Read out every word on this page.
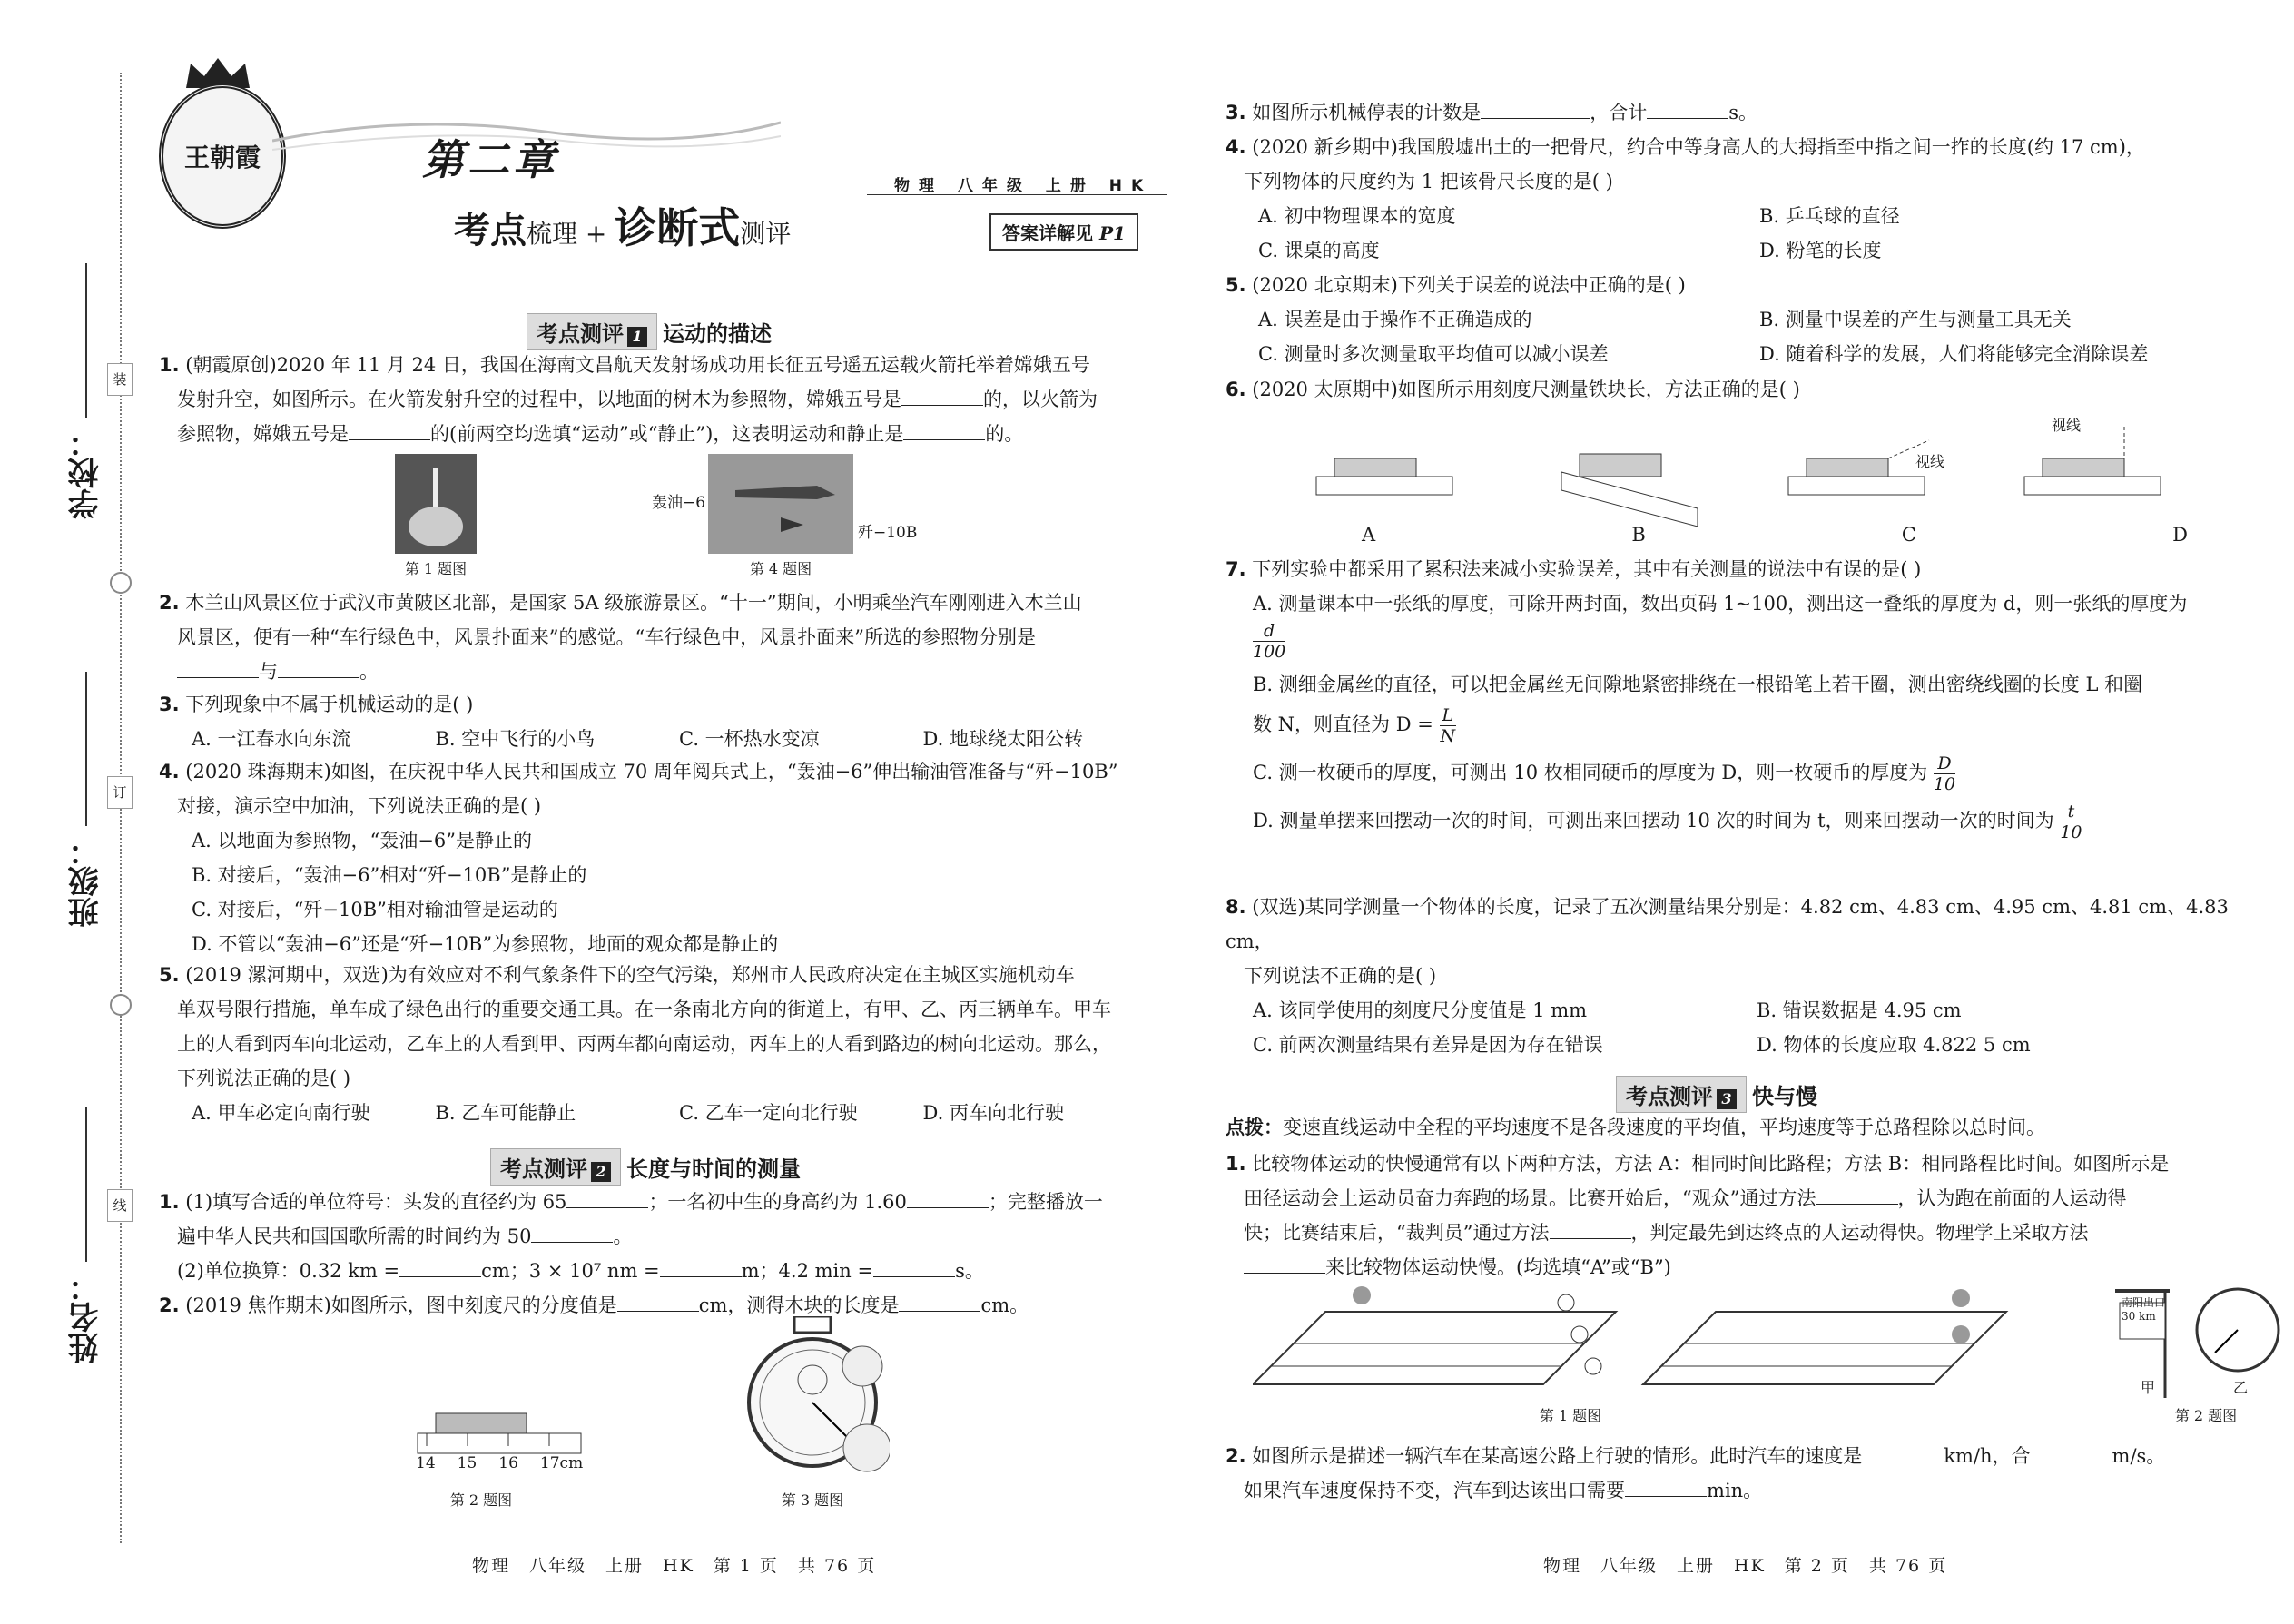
学校：
班级：
姓名：
装
订
线
王朝霞	第二章
考点梳理 + 诊断式测评
物理 八年级 上册 HK
答案详解见 P1
考点测评 1 运动的描述
1. (朝霞原创)2020 年 11 月 24 日，我国在海南文昌航天发射场成功用长征五号遥五运载火箭托举着嫦娥五号
发射升空，如图所示。在火箭发射升空的过程中，以地面的树木为参照物，嫦娥五号是	的，以火箭为
参照物，嫦娥五号是	的(前两空均选填“运动”或“静止”)，这表明运动和静止是	的。
第 1 题图
轰油−6
歼−10B
第 4 题图
2. 木兰山风景区位于武汉市黄陂区北部，是国家 5A 级旅游景区。“十一”期间，小明乘坐汽车刚刚进入木兰山
风景区，便有一种“车行绿色中，风景扑面来”的感觉。“车行绿色中，风景扑面来”所选的参照物分别是
与	。
3. 下列现象中不属于机械运动的是( )
A. 一江春水向东流	B. 空中飞行的小鸟	C. 一杯热水变凉	D. 地球绕太阳公转
4. (2020 珠海期末)如图，在庆祝中华人民共和国成立 70 周年阅兵式上，“轰油−6”伸出输油管准备与“歼−10B”
对接，演示空中加油，下列说法正确的是( )
A. 以地面为参照物，“轰油−6”是静止的
B. 对接后，“轰油−6”相对“歼−10B”是静止的
C. 对接后，“歼−10B”相对输油管是运动的
D. 不管以“轰油−6”还是“歼−10B”为参照物，地面的观众都是静止的
5. (2019 漯河期中，双选)为有效应对不利气象条件下的空气污染，郑州市人民政府决定在主城区实施机动车
单双号限行措施，单车成了绿色出行的重要交通工具。在一条南北方向的街道上，有甲、乙、丙三辆单车。甲车
上的人看到丙车向北运动，乙车上的人看到甲、丙两车都向南运动，丙车上的人看到路边的树向北运动。那么，
下列说法正确的是( )
A. 甲车必定向南行驶	B. 乙车可能静止	C. 乙车一定向北行驶	D. 丙车向北行驶
考点测评 2 长度与时间的测量
1. (1)填写合适的单位符号：头发的直径约为 65	；一名初中生的身高约为 1.60	；完整播放一
遍中华人民共和国国歌所需的时间约为 50	。
(2)单位换算：0.32 km =	cm；3 × 10⁷ nm =	m；4.2 min =	s。
2. (2019 焦作期末)如图所示，图中刻度尺的分度值是	cm，测得木块的长度是	cm。
14 15 16 17cm
第 2 题图	第 3 题图
物理　八年级　上册　HK　第 1 页　共 76 页
3. 如图所示机械停表的计数是	，合计	s。
4. (2020 新乡期中)我国殷墟出土的一把骨尺，约合中等身高人的大拇指至中指之间一拃的长度(约 17 cm)，
下列物体的尺度约为 1 把该骨尺长度的是( )
A. 初中物理课本的宽度	B. 乒乓球的直径
C. 课桌的高度	D. 粉笔的长度
5. (2020 北京期末)下列关于误差的说法中正确的是( )
A. 误差是由于操作不正确造成的	B. 测量中误差的产生与测量工具无关
C. 测量时多次测量取平均值可以减小误差	D. 随着科学的发展，人们将能够完全消除误差
6. (2020 太原期中)如图所示用刻度尺测量铁块长，方法正确的是( )
视线
视线
A	B	C	D
7. 下列实验中都采用了累积法来减小实验误差，其中有关测量的说法中有误的是( )
A. 测量课本中一张纸的厚度，可除开两封面，数出页码 1~100，测出这一叠纸的厚度为 d，则一张纸的厚度为
$\frac{d}{100}$
B. 测细金属丝的直径，可以把金属丝无间隙地紧密排绕在一根铅笔上若干圈，测出密绕线圈的长度 L 和圈
数 N，则直径为 $D = \frac{L}{N}$
C. 测一枚硬币的厚度，可测出 10 枚相同硬币的厚度为 D，则一枚硬币的厚度为 $\frac{D}{10}$
D. 测量单摆来回摆动一次的时间，可测出来回摆动 10 次的时间为 t，则来回摆动一次的时间为 $\frac{t}{10}$
8. (双选)某同学测量一个物体的长度，记录了五次测量结果分别是：4.82 cm、4.83 cm、4.95 cm、4.81 cm、4.83 cm，
下列说法不正确的是( )
A. 该同学使用的刻度尺分度值是 1 mm	B. 错误数据是 4.95 cm
C. 前两次测量结果有差异是因为存在错误	D. 物体的长度应取 4.822 5 cm
考点测评 3 快与慢
点拨：变速直线运动中全程的平均速度不是各段速度的平均值，平均速度等于总路程除以总时间。
1. 比较物体运动的快慢通常有以下两种方法，方法 A：相同时间比路程；方法 B：相同路程比时间。如图所示是
田径运动会上运动员奋力奔跑的场景。比赛开始后，“观众”通过方法	，认为跑在前面的人运动得
快；比赛结束后，“裁判员”通过方法	，判定最先到达终点的人运动得快。物理学上采取方法
来比较物体运动快慢。(均选填“A”或“B”)
第 1 题图
南阳出口
30 km
甲	乙
第 2 题图
2. 如图所示是描述一辆汽车在某高速公路上行驶的情形。此时汽车的速度是	km/h，合	m/s。
如果汽车速度保持不变，汽车到达该出口需要	min。
物理　八年级　上册　HK　第 2 页　共 76 页
